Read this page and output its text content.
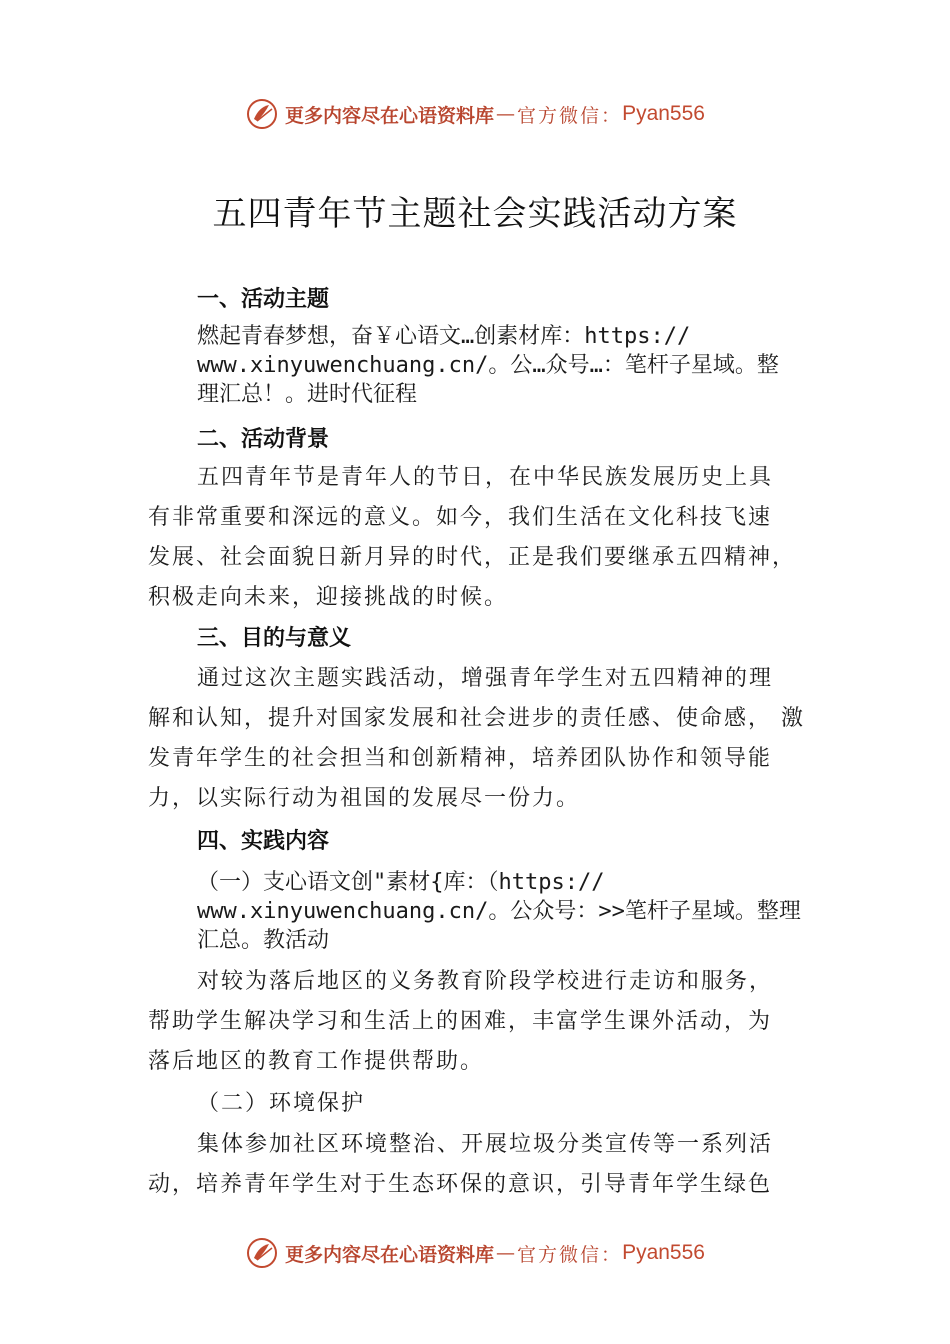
更多内容尽在心语资料库 — 官方微信： Pyan556
五四青年节主题社会实践活动方案
一、活动主题
燃起青春梦想，奋￥心语文…创素材库：https://
www.xinyuwenchuang.cn/。公…众号…：笔杆子星域。整
理汇总！。进时代征程
二、活动背景
五四青年节是青年人的节日，在中华民族发展历史上具
有非常重要和深远的意义。如今，我们生活在文化科技飞速
发展、社会面貌日新月异的时代，正是我们要继承五四精神，
积极走向未来，迎接挑战的时候。
三、目的与意义
通过这次主题实践活动，增强青年学生对五四精神的理
解和认知，提升对国家发展和社会进步的责任感、使命感， 激
发青年学生的社会担当和创新精神，培养团队协作和领导能
力，以实际行动为祖国的发展尽一份力。
四、实践内容
（一）支心语文创"素材{库：（https://
www.xinyuwenchuang.cn/。公众号：>>笔杆子星域。整理
汇总。教活动
对较为落后地区的义务教育阶段学校进行走访和服务，
帮助学生解决学习和生活上的困难，丰富学生课外活动，为
落后地区的教育工作提供帮助。
（二）环境保护
集体参加社区环境整治、开展垃圾分类宣传等一系列活
动，培养青年学生对于生态环保的意识，引导青年学生绿色
更多内容尽在心语资料库 — 官方微信： Pyan556
